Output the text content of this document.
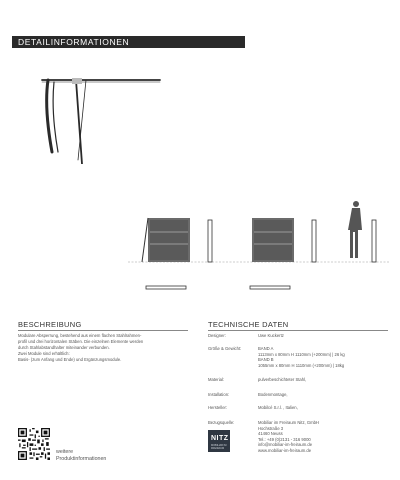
DETAILINFORMATIONEN
BESCHREIBUNG
Modulare Absperrung, bestehend aus einem flachen Stahlrahmen-
profil und drei horizontalen Stäben. Die einzelnen Elemente werden
durch Stahlabstandhalter miteinander verbunden.
Zwei Module sind erhältlich:
Basis- (zum Anfang und Ende) und Ergänzungsmodule.
TECHNISCHE DATEN
Designer:	Uwe Kuckertz
Größe & Gewicht:	BAND A
1113mm x 80mm H 1110mm (+200mm) | 26 kg
BAND B
1055mm x 80mm H 1110mm (+200mm) | 18kg
Material:	pulverbeschichteter Stahl,
Installation:	Bodenmontage,
Hersteller:	Mobilcé S.r.l. , Italien,
Bezugsquelle:	Mobiliar im Freiraum Nitz, GmbH
Hochstraße 3
41460 Neuss
Tel.: +49 (0)2131 - 316 9000
info@mobiliar-im-freiraum.de
www.mobiliar-im-freiraum.de
NITZ
MOBILIAR IM FREIRAUM
weitere
Produktinformationen
